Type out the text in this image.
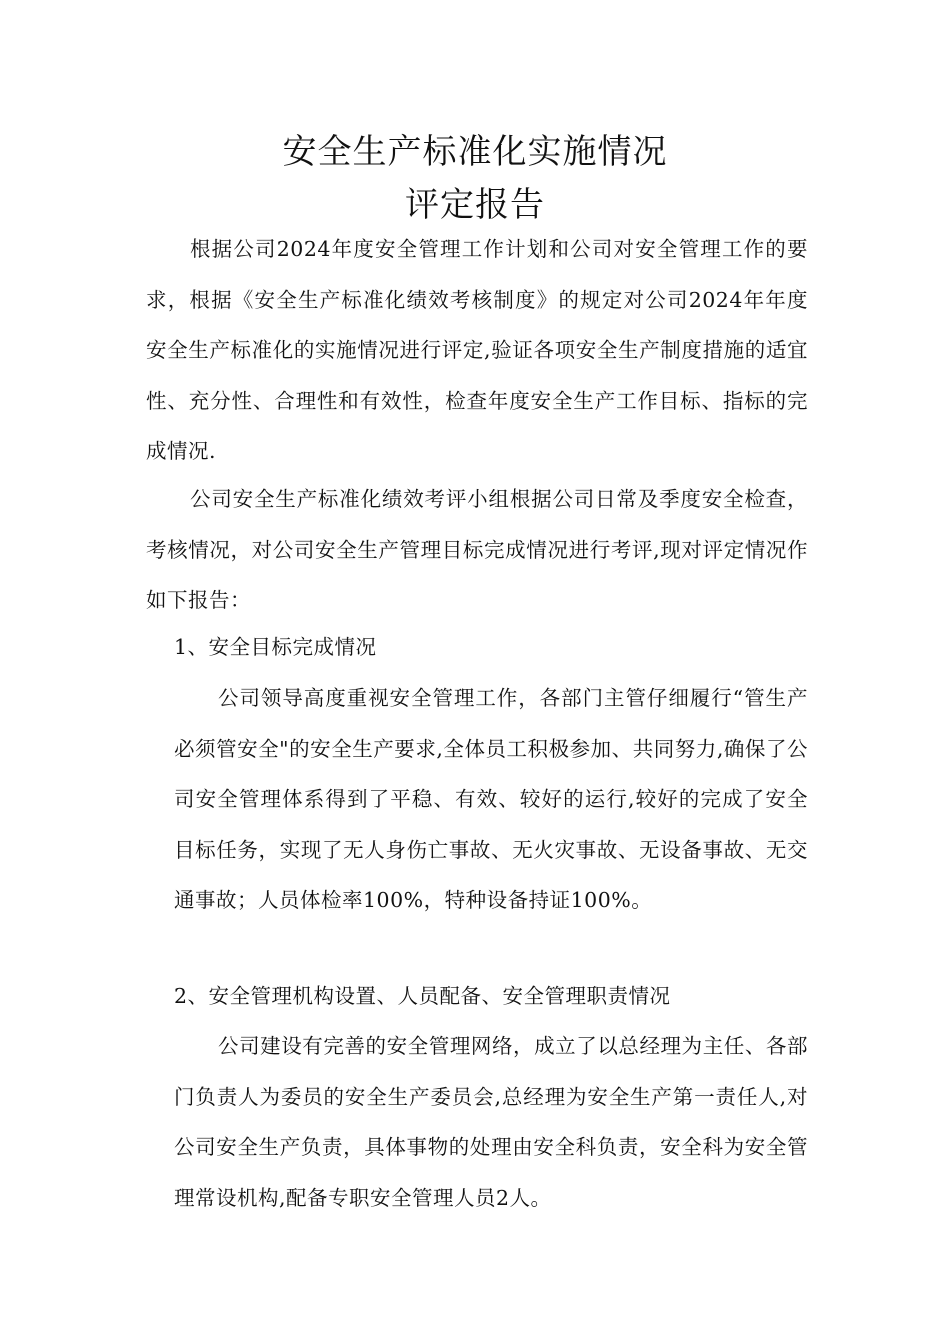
安全生产标准化实施情况
评定报告

根据公司2024年度安全管理工作计划和公司对安全管理工作的要求，根据《安全生产标准化绩效考核制度》的规定对公司2024年年度安全生产标准化的实施情况进行评定,验证各项安全生产制度措施的适宜性、充分性、合理性和有效性，检查年度安全生产工作目标、指标的完成情况.

公司安全生产标准化绩效考评小组根据公司日常及季度安全检查，考核情况，对公司安全生产管理目标完成情况进行考评,现对评定情况作如下报告：

1、安全目标完成情况

公司领导高度重视安全管理工作，各部门主管仔细履行“管生产必须管安全"的安全生产要求,全体员工积极参加、共同努力,确保了公司安全管理体系得到了平稳、有效、较好的运行,较好的完成了安全目标任务，实现了无人身伤亡事故、无火灾事故、无设备事故、无交通事故；人员体检率100%，特种设备持证100%。

2、安全管理机构设置、人员配备、安全管理职责情况

公司建设有完善的安全管理网络，成立了以总经理为主任、各部门负责人为委员的安全生产委员会,总经理为安全生产第一责任人,对公司安全生产负责，具体事物的处理由安全科负责，安全科为安全管理常设机构,配备专职安全管理人员2人。
